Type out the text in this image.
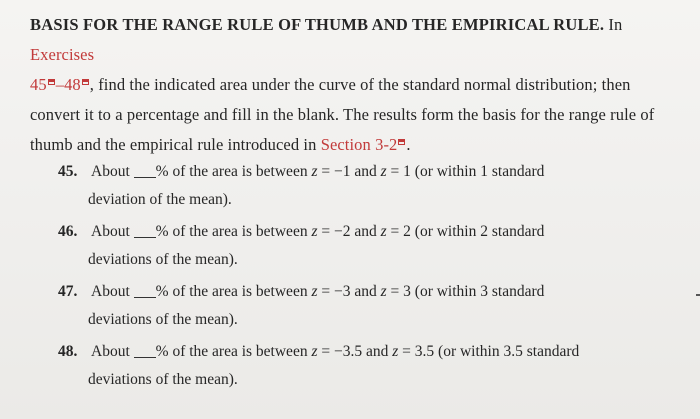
BASIS FOR THE RANGE RULE OF THUMB AND THE EMPIRICAL RULE. In Exercises
45 –48 , find the indicated area under the curve of the standard normal distribution; then convert it to a percentage and fill in the blank. The results form the basis for the range rule of thumb and the empirical rule introduced in Section 3-2 .
45. About % of the area is between z = −1 and z = 1 (or within 1 standard
deviation of the mean).
46. About % of the area is between z = −2 and z = 2 (or within 2 standard
deviations of the mean).
47. About % of the area is between z = −3 and z = 3 (or within 3 standard
deviations of the mean).
48. About % of the area is between z = −3.5 and z = 3.5 (or within 3.5 standard
deviations of the mean).
